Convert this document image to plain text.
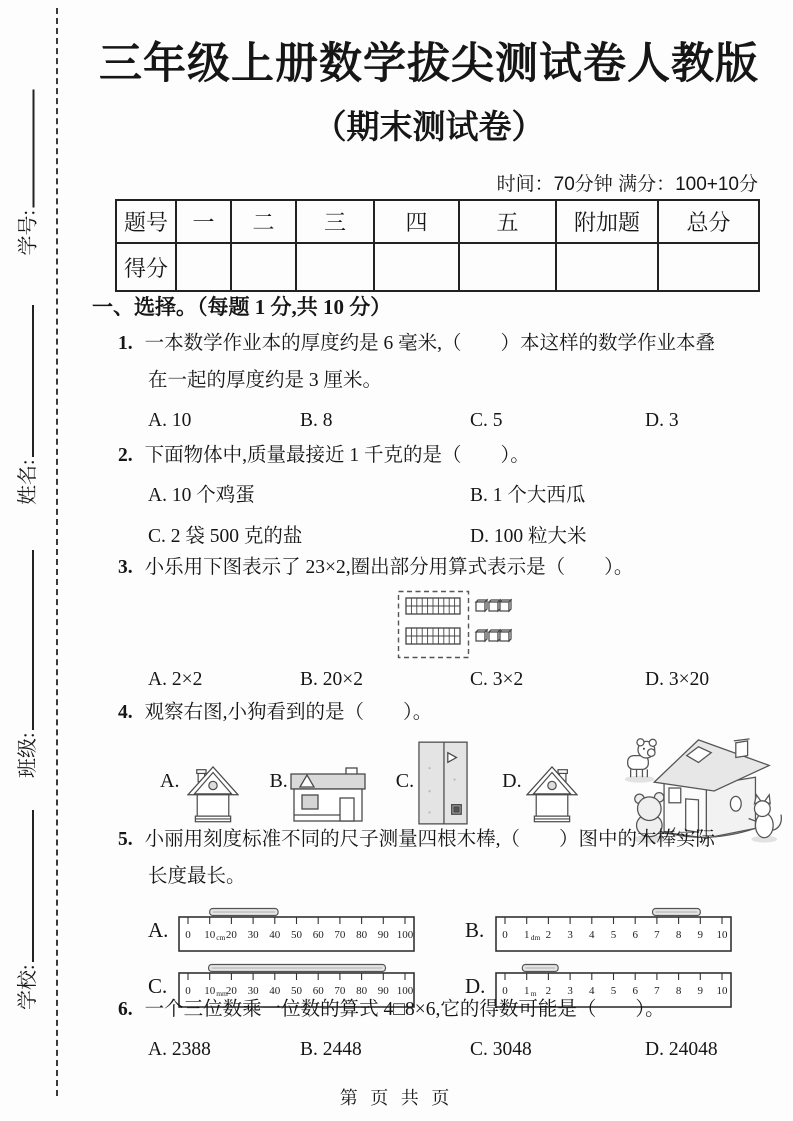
学号:
姓名:
班级:
学校:
三年级上册数学拔尖测试卷人教版
（期末测试卷）
时间：70分钟 满分：100+10分
题号	一	二	三	四	五	附加题	总分
得分							
一、选择。（每题 1 分,共 10 分）
1. 一本数学作业本的厚度约是 6 毫米,（　　）本这样的数学作业本叠
在一起的厚度约是 3 厘米。
A. 10	B. 8	C. 5	D. 3
2. 下面物体中,质量最接近 1 千克的是（　　）。
A. 10 个鸡蛋	B. 1 个大西瓜
C. 2 袋 500 克的盐	D. 100 粒大米
3. 小乐用下图表示了 23×2,圈出部分用算式表示是（　　）。
A. 2×2	B. 20×2	C. 3×2	D. 3×20
4. 观察右图,小狗看到的是（　　）。
A.	B.	C.	D.
5. 小丽用刻度标准不同的尺子测量四根木棒,（　　）图中的木棒实际
长度最长。
A.	0 10 20 30 40 50 60 70 80 90 100
cm	B.	0 1 2 3 4 5 6 7 8 9 10
dm
C.	0 10 20 30 40 50 60 70 80 90 100
mm	D.	0 1 2 3 4 5 6 7 8 9 10
m
6. 一个三位数乘一位数的算式 4□8×6,它的得数可能是（　　）。
A. 2388	B. 2448	C. 3048	D. 24048
第 页 共 页
